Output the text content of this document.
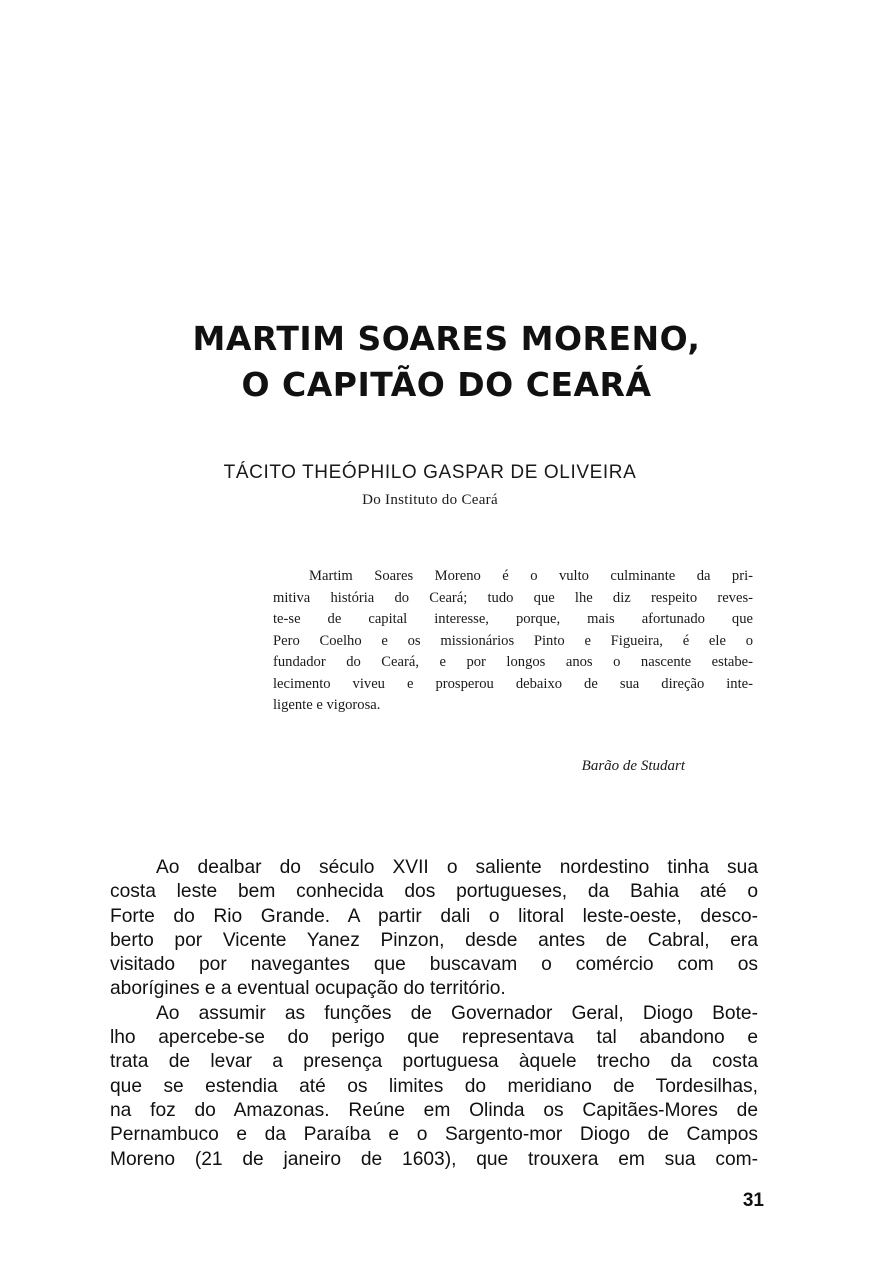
MARTIM SOARES MORENO,
O CAPITÃO DO CEARÁ
TÁCITO THEÓPHILO GASPAR DE OLIVEIRA
Do Instituto do Ceará
Martim Soares Moreno é o vulto culminante da pri-
mitiva história do Ceará; tudo que lhe diz respeito reves-
te-se de capital interesse, porque, mais afortunado que
Pero Coelho e os missionários Pinto e Figueira, é ele o
fundador do Ceará, e por longos anos o nascente estabe-
lecimento viveu e prosperou debaixo de sua direção inte-
ligente e vigorosa.
Barão de Studart
Ao dealbar do século XVII o saliente nordestino tinha sua
costa leste bem conhecida dos portugueses, da Bahia até o
Forte do Rio Grande. A partir dali o litoral leste-oeste, desco-
berto por Vicente Yanez Pinzon, desde antes de Cabral, era
visitado por navegantes que buscavam o comércio com os
aborígines e a eventual ocupação do território.
Ao assumir as funções de Governador Geral, Diogo Bote-
lho apercebe-se do perigo que representava tal abandono e
trata de levar a presença portuguesa àquele trecho da costa
que se estendia até os limites do meridiano de Tordesilhas,
na foz do Amazonas. Reúne em Olinda os Capitães-Mores de
Pernambuco e da Paraíba e o Sargento-mor Diogo de Campos
Moreno (21 de janeiro de 1603), que trouxera em sua com-
31
